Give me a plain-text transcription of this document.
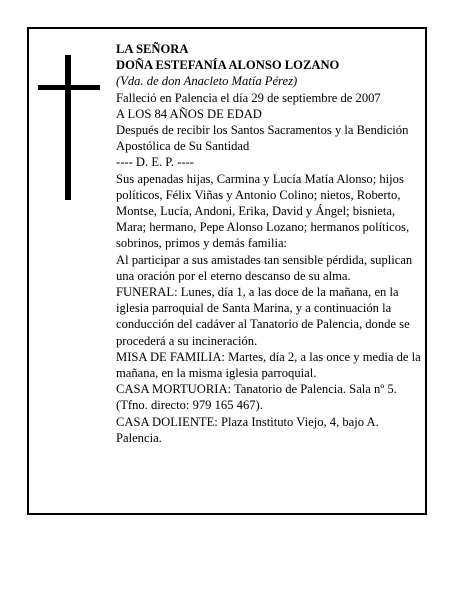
LA SEÑORA

DOÑA ESTEFANÍA ALONSO LOZANO

(Vda. de don Anacleto Matía Pérez)

Falleció en Palencia el día 29 de septiembre de 2007

A LOS 84 AÑOS DE EDAD

Después de recibir los Santos Sacramentos y la Bendición Apostólica de Su Santidad

---- D. E. P. ----

Sus apenadas hijas, Carmina y Lucía Matía Alonso; hijos políticos, Félix Viñas y Antonio Colino; nietos, Roberto, Montse, Lucía, Andoni, Erika, David y Ángel; bisnieta, Mara; hermano, Pepe Alonso Lozano; hermanos políticos, sobrinos, primos y demás familia:

Al participar a sus amistades tan sensible pérdida, suplican una oración por el eterno descanso de su alma.

FUNERAL: Lunes, día 1, a las doce de la mañana, en la iglesia parroquial de Santa Marina, y a continuación la conducción del cadáver al Tanatorio de Palencia, donde se procederá a su incineración.

MISA DE FAMILIA: Martes, día 2, a las once y media de la mañana, en la misma iglesia parroquial.

CASA MORTUORIA: Tanatorio de Palencia. Sala nº 5. (Tfno. directo: 979 165 467).

CASA DOLIENTE: Plaza Instituto Viejo, 4, bajo A. Palencia.
